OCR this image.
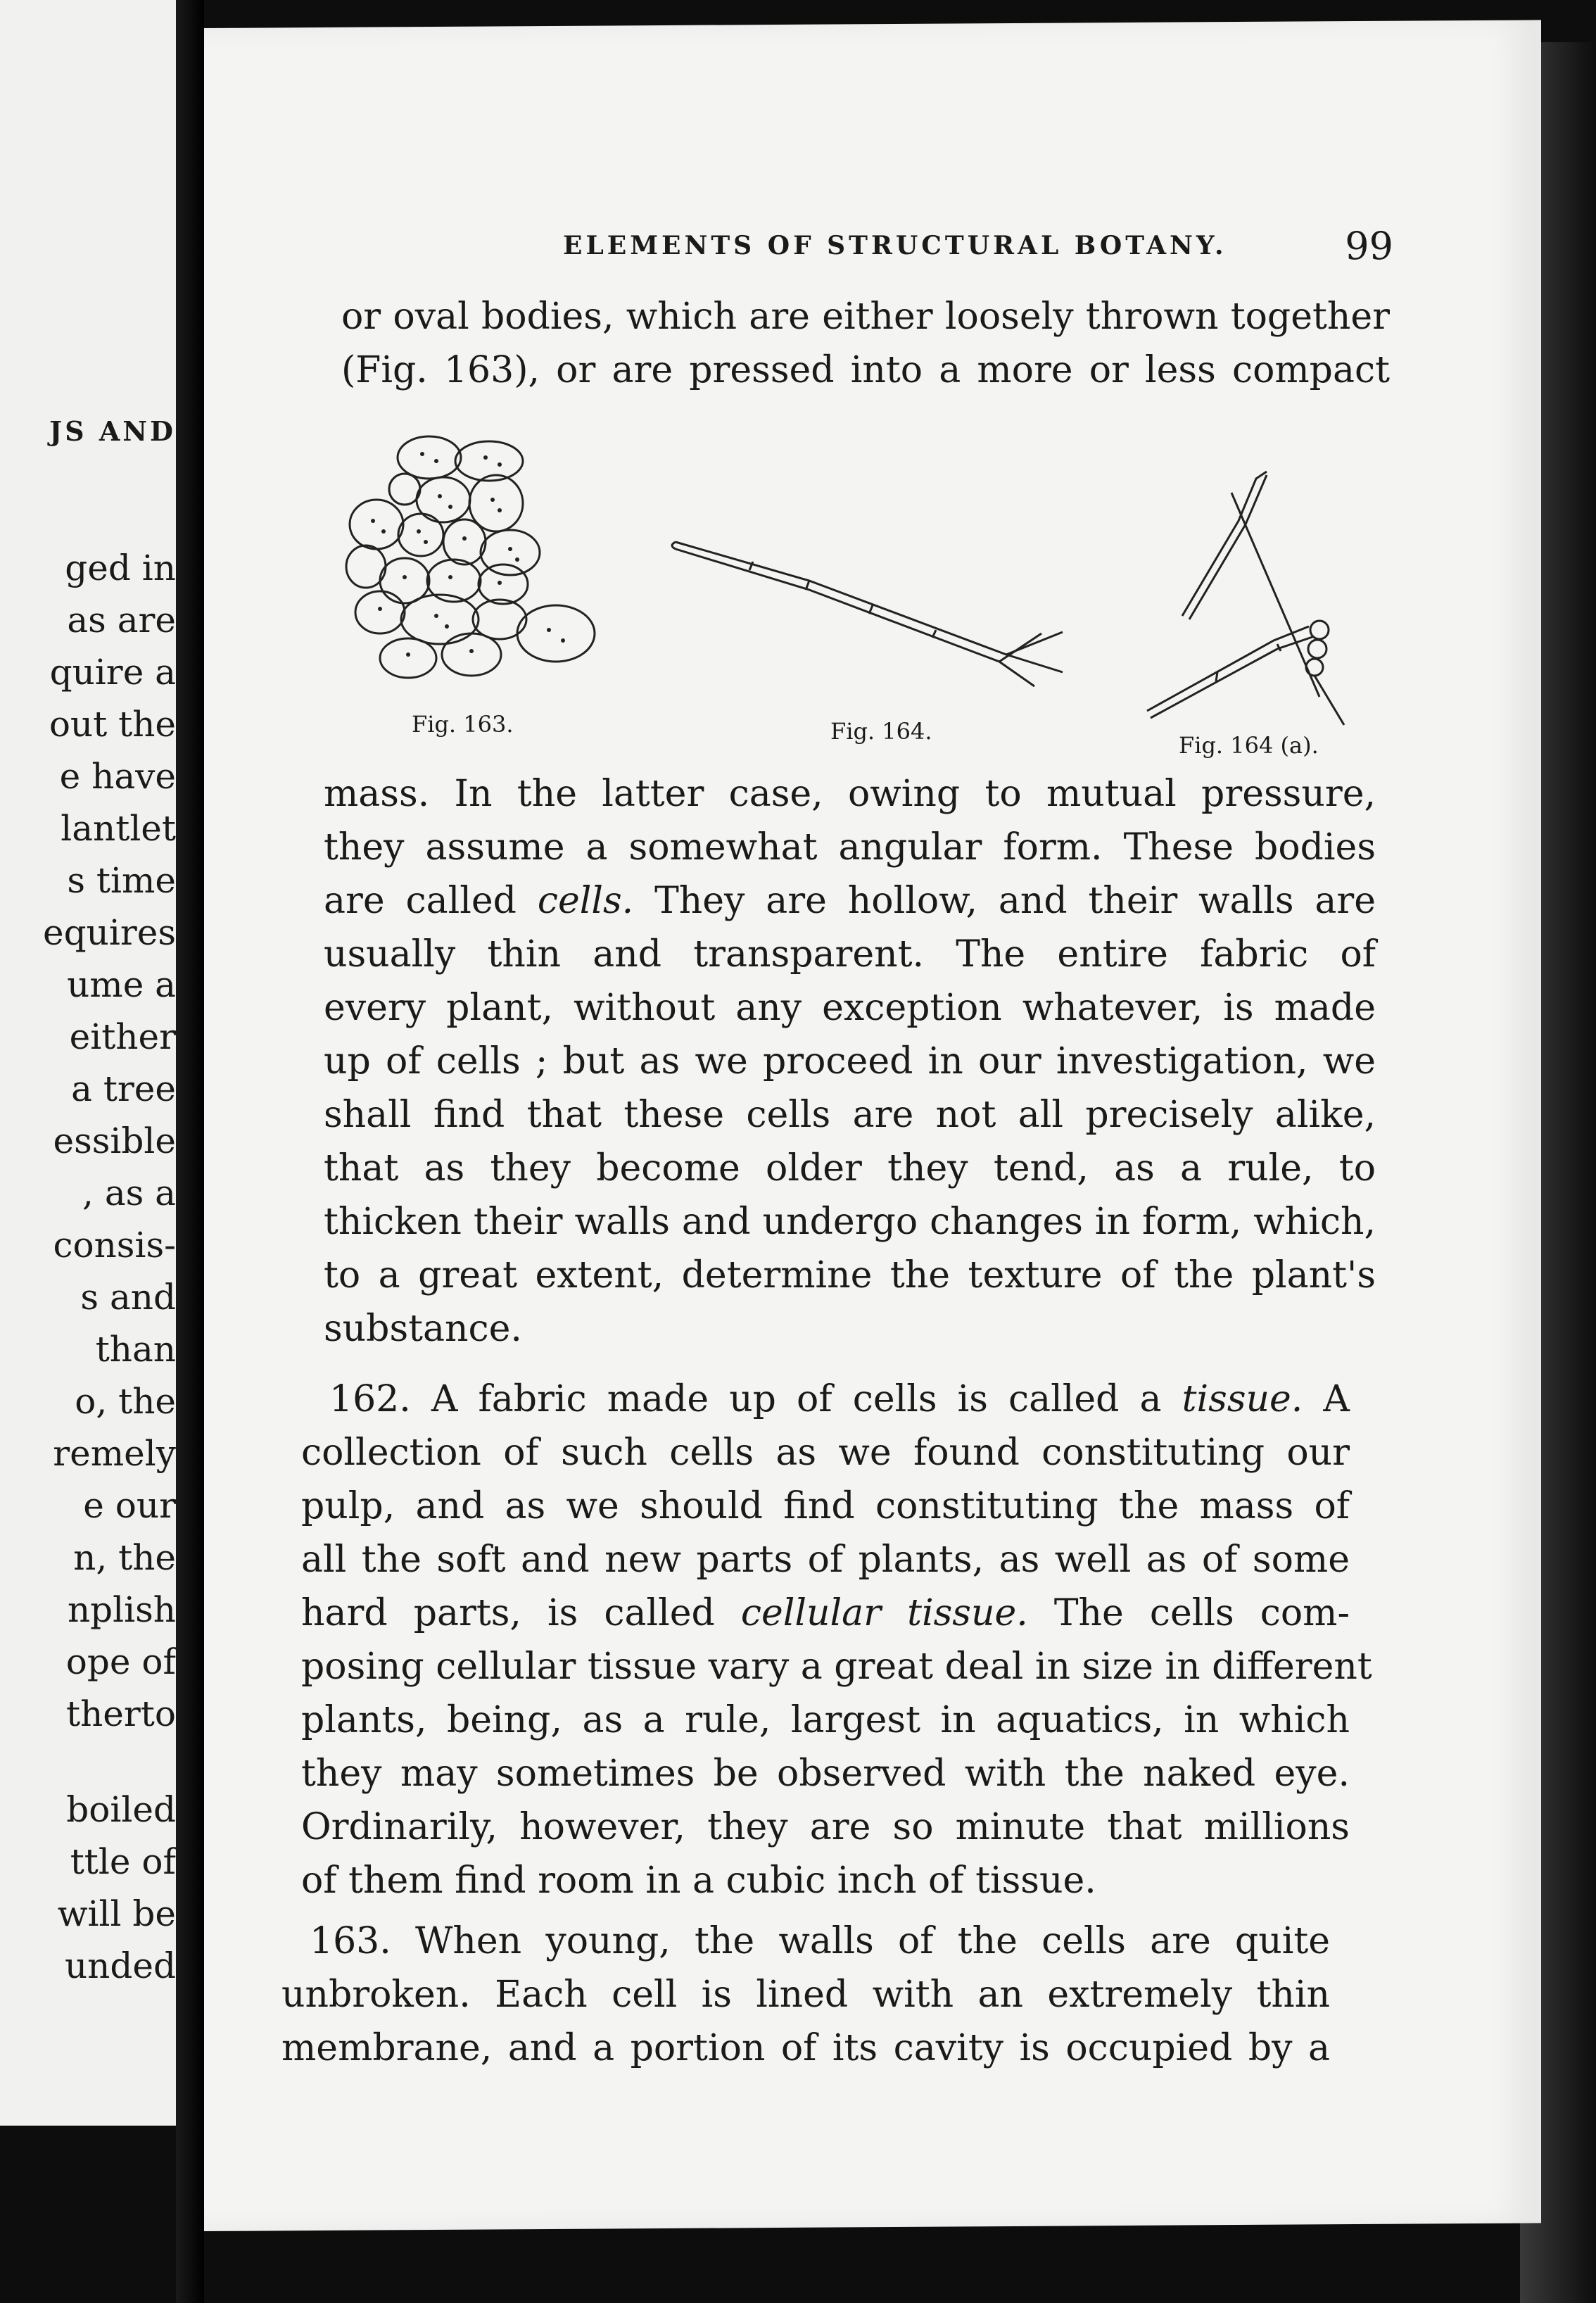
JS AND
ged in
as are
quire a
out the
e have
lantlet
s time
equires
ume a
either
a tree
essible
, as a
consis-
s and
than
o, the
remely
e our
n, the
nplish
ope of
therto
boiled
ttle of
will be
unded
ELEMENTS OF STRUCTURAL BOTANY.	99
or oval bodies, which are either loosely thrown together
(Fig. 163), or are pressed into a more or less compact
Fig. 163.	Fig. 164.
Fig. 164 (a).
mass. In the latter case, owing to mutual pressure,
they assume a somewhat angular form. These bodies
are called cells. They are hollow, and their walls are
usually thin and transparent. The entire fabric of
every plant, without any exception whatever, is made
up of cells ; but as we proceed in our investigation, we
shall find that these cells are not all precisely alike,
that as they become older they tend, as a rule, to
thicken their walls and undergo changes in form, which,
to a great extent, determine the texture of the plant's
substance.
162. A fabric made up of cells is called a tissue. A
collection of such cells as we found constituting our
pulp, and as we should find constituting the mass of
all the soft and new parts of plants, as well as of some
hard parts, is called cellular tissue. The cells com-
posing cellular tissue vary a great deal in size in different
plants, being, as a rule, largest in aquatics, in which
they may sometimes be observed with the naked eye.
Ordinarily, however, they are so minute that millions
of them find room in a cubic inch of tissue.
163. When young, the walls of the cells are quite
unbroken. Each cell is lined with an extremely thin
membrane, and a portion of its cavity is occupied by a
